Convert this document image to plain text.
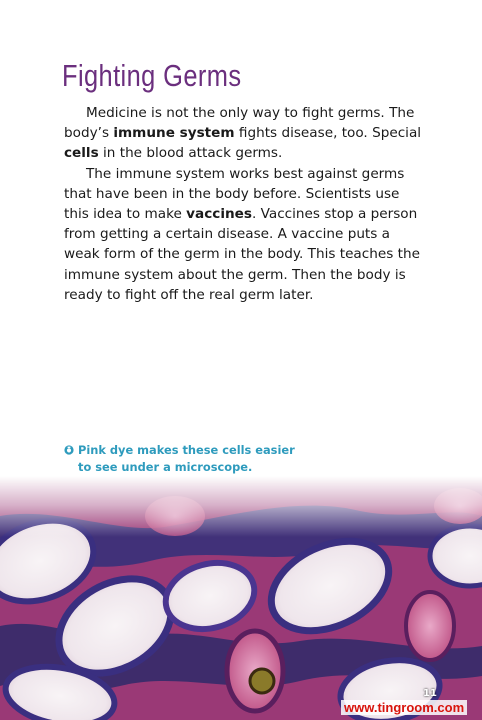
Fighting Germs

Medicine is not the only way to fight germs. The body’s immune system fights disease, too. Special cells in the blood attack germs.

The immune system works best against germs that have been in the body before. Scientists use this idea to make vaccines. Vaccines stop a person from getting a certain disease. A vaccine puts a weak form of the germ in the body. This teaches the immune system about the germ. Then the body is ready to fight off the real germ later.

Pink dye makes these cells easier
to see under a microscope.
11
www.tingroom.com
